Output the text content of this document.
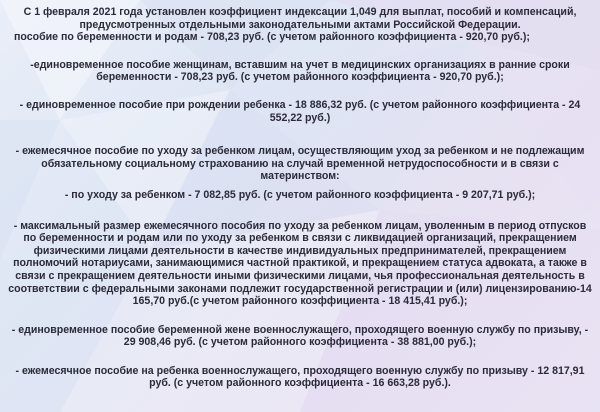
С 1 февраля 2021 года установлен коэффициент индексации 1,049 для выплат, пособий и компенсаций, предусмотренных отдельными законодательными актами Российской Федерации.

пособие по беременности и родам - 708,23 руб. (с учетом районного коэффициента - 920,70 руб.);

-единовременное пособие женщинам, вставшим на учет в медицинских организациях в ранние сроки беременности - 708,23 руб. (с учетом районного коэффициента - 920,70 руб.);

- единовременное пособие при рождении ребенка - 18 886,32 руб. (с учетом районного коэффициента - 24 552,22 руб.)

- ежемесячное пособие по уходу за ребенком лицам, осуществляющим уход за ребенком и не подлежащим обязательному социальному страхованию на случай временной нетрудоспособности и в связи с материнством:

- по уходу за ребенком - 7 082,85 руб. (с учетом районного коэффициента - 9 207,71 руб.);

- максимальный размер ежемесячного пособия по уходу за ребенком лицам, уволенным в период отпусков по беременности и родам или по уходу за ребенком в связи с ликвидацией организаций, прекращением физическими лицами деятельности в качестве индивидуальных предпринимателей, прекращением полномочий нотариусами, занимающимися частной практикой, и прекращением статуса адвоката, а также в связи с прекращением деятельности иными физическими лицами, чья профессиональная деятельность в соответствии с федеральными законами подлежит государственной регистрации и (или) лицензированию-14 165,70 руб.(с учетом районного коэффициента - 18 415,41 руб.);

- единовременное пособие беременной жене военнослужащего, проходящего военную службу по призыву, - 29 908,46 руб. (с учетом районного коэффициента - 38 881,00 руб.);

- ежемесячное пособие на ребенка военнослужащего, проходящего военную службу по призыву - 12 817,91 руб. (с учетом районного коэффициента - 16 663,28 руб.).
